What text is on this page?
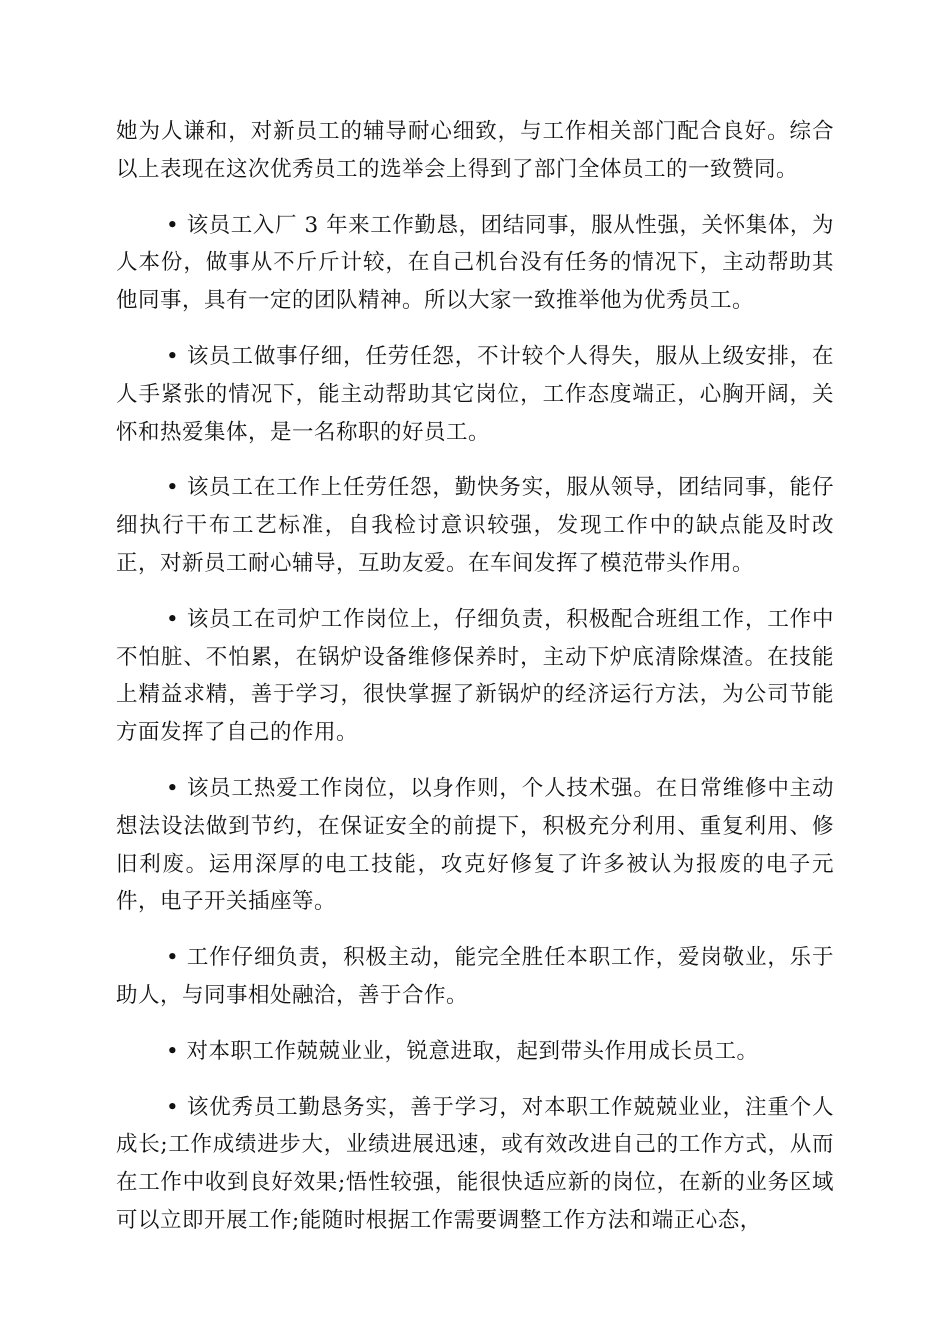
她为人谦和，对新员工的辅导耐心细致，与工作相关部门配合良好。综合以上表现在这次优秀员工的选举会上得到了部门全体员工的一致赞同。

• 该员工入厂 3 年来工作勤恳，团结同事，服从性强，关怀集体，为人本份，做事从不斤斤计较，在自己机台没有任务的情况下，主动帮助其他同事，具有一定的团队精神。所以大家一致推举他为优秀员工。

• 该员工做事仔细，任劳任怨，不计较个人得失，服从上级安排，在人手紧张的情况下，能主动帮助其它岗位，工作态度端正，心胸开阔，关怀和热爱集体，是一名称职的好员工。

• 该员工在工作上任劳任怨，勤快务实，服从领导，团结同事，能仔细执行干布工艺标准，自我检讨意识较强，发现工作中的缺点能及时改正，对新员工耐心辅导，互助友爱。在车间发挥了模范带头作用。

• 该员工在司炉工作岗位上，仔细负责，积极配合班组工作，工作中不怕脏、不怕累，在锅炉设备维修保养时，主动下炉底清除煤渣。在技能上精益求精，善于学习，很快掌握了新锅炉的经济运行方法，为公司节能方面发挥了自己的作用。

• 该员工热爱工作岗位，以身作则，个人技术强。在日常维修中主动想法设法做到节约，在保证安全的前提下，积极充分利用、重复利用、修旧利废。运用深厚的电工技能，攻克好修复了许多被认为报废的电子元件，电子开关插座等。

• 工作仔细负责，积极主动，能完全胜任本职工作，爱岗敬业，乐于助人，与同事相处融洽，善于合作。

• 对本职工作兢兢业业，锐意进取，起到带头作用成长员工。

• 该优秀员工勤恳务实，善于学习，对本职工作兢兢业业，注重个人成长;工作成绩进步大，业绩进展迅速，或有效改进自己的工作方式，从而在工作中收到良好效果;悟性较强，能很快适应新的岗位，在新的业务区域可以立即开展工作;能随时根据工作需要调整工作方法和端正心态，
